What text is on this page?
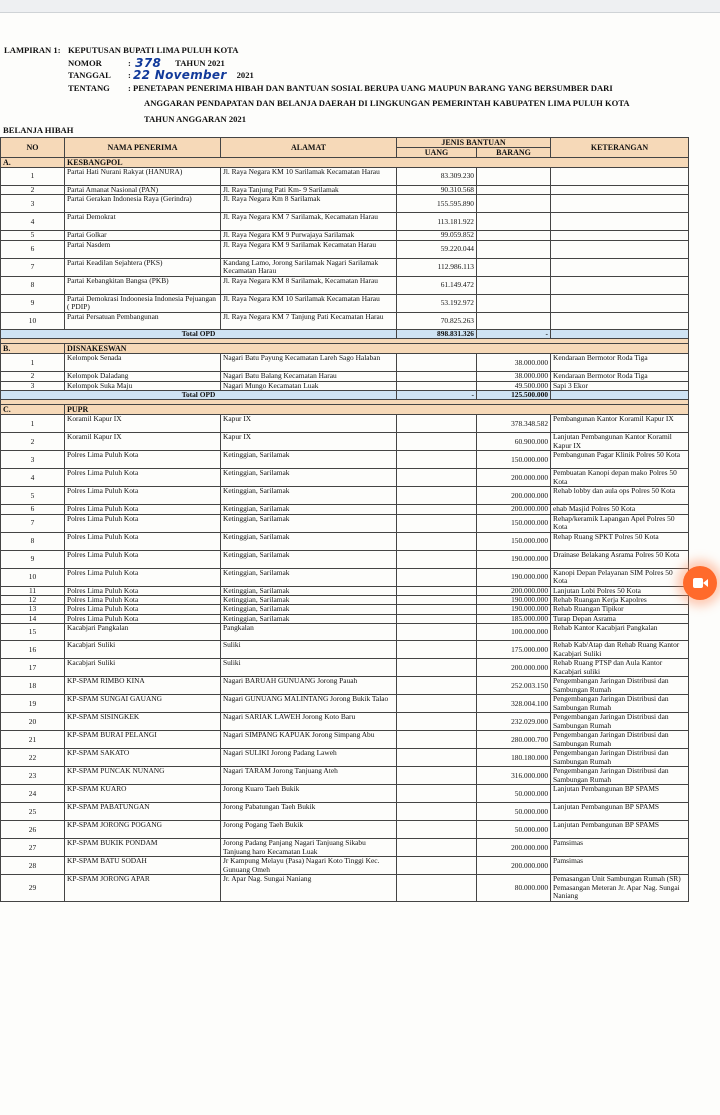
LAMPIRAN 1: KEPUTUSAN BUPATI LIMA PULUH KOTA
NOMOR	: 378 TAHUN 2021
TANGGAL	: 22 November 2021
TENTANG	: PENETAPAN PENERIMA HIBAH DAN BANTUAN SOSIAL BERUPA UANG MAUPUN BARANG YANG BERSUMBER DARI
ANGGARAN PENDAPATAN DAN BELANJA DAERAH DI LINGKUNGAN PEMERINTAH KABUPATEN LIMA PULUH KOTA
TAHUN ANGGARAN 2021
BELANJA HIBAH
NO	NAMA PENERIMA	ALAMAT	JENIS BANTUAN		KETERANGAN
			UANG	BARANG	
A.	KESBANGPOL				
1	Partai Hati Nurani Rakyat (HANURA)	Jl. Raya Negara KM 10 Sarilamak Kecamatan Harau	83.309.230		
2	Partai Amanat Nasional (PAN)	Jl. Raya Tanjung Pati Km- 9 Sarilamak	90.310.568		
3	Partai Gerakan Indonesia Raya (Gerindra)	Jl. Raya Negara Km 8 Sarilamak	155.595.890		
4	Partai Demokrat	Jl. Raya Negara KM 7 Sarilamak, Kecamatan Harau	113.181.922		
5	Partai Golkar	Jl. Raya Negara KM 9 Purwajaya Sarilamak	99.059.852		
6	Partai Nasdem	Jl. Raya Negara KM 9 Sarilamak Kecamatan Harau	59.220.044		
7	Partai Keadilan Sejahtera (PKS)	Kandang Lamo, Jorong Sarilamak Nagari Sarilamak Kecamatan Harau	112.986.113		
8	Partai Kebangkitan Bangsa (PKB)	Jl. Raya Negara KM 8 Sarilamak, Kecamatan Harau	61.149.472		
9	Partai Demokrasi Indoonesia Indonesia Pejuangan ( PDIP)	Jl. Raya Negara KM 10 Sarilamak Kecamatan Harau	53.192.972		
10	Partai Persatuan Pembangunan	Jl. Raya Negara KM 7 Tanjung Pati Kecamatan Harau	70.825.263		
Total OPD			898.831.326	-	

B.	DISNAKESWAN				
1	Kelompok Senada	Nagari Batu Payung Kecamatan Lareh Sago Halaban		38.000.000	Kendaraan Bermotor Roda Tiga
2	Kelompok Daladang	Nagari Batu Balang Kecamatan Harau		38.000.000	Kendaraan Bermotor Roda Tiga
3	Kelompok Suka Maju	Nagari Mungo Kecamatan Luak		49.500.000	Sapi 3 Ekor
Total OPD			-	125.500.000	

C.	PUPR				
1	Koramil Kapur IX	Kapur IX		378.348.582	Pembangunan Kantor Koramil Kapur IX
2	Koramil Kapur IX	Kapur IX		60.900.000	Lanjutan Pembangunan Kantor Koramil Kapur IX
3	Polres Lima Puluh Kota	Ketinggian, Sarilamak		150.000.000	Pembangunan Pagar Klinik Polres 50 Kota
4	Polres Lima Puluh Kota	Ketinggian, Sarilamak		200.000.000	Pembuatan Kanopi depan mako Polres 50 Kota
5	Polres Lima Puluh Kota	Ketinggian, Sarilamak		200.000.000	Rehab lobby dan aula ops Polres 50 Kota
6	Polres Lima Puluh Kota	Ketinggian, Sarilamak		200.000.000	ehab Masjid Polres 50 Kota
7	Polres Lima Puluh Kota	Ketinggian, Sarilamak		150.000.000	Rehap/keramik Lapangan Apel Polres 50 Kota
8	Polres Lima Puluh Kota	Ketinggian, Sarilamak		150.000.000	Rehap Ruang SPKT Polres 50 Kota
9	Polres Lima Puluh Kota	Ketinggian, Sarilamak		190.000.000	Drainase Belakang Asrama Polres 50 Kota
10	Polres Lima Puluh Kota	Ketinggian, Sarilamak		190.000.000	Kanopi Depan Pelayanan SIM Polres 50 Kota
11	Polres Lima Puluh Kota	Ketinggian, Sarilamak		200.000.000	Lanjutan Lobi Polres 50 Kota
12	Polres Lima Puluh Kota	Ketinggian, Sarilamak		190.000.000	Rehab Ruangan Kerja Kapolres
13	Polres Lima Puluh Kota	Ketinggian, Sarilamak		190.000.000	Rehab Ruangan Tipikor
14	Polres Lima Puluh Kota	Ketinggian, Sarilamak		185.000.000	Turap Depan Asrama
15	Kacabjari Pangkalan	Pangkalan		100.000.000	Rehab Kantor Kacabjari Pangkalan
16	Kacabjari Suliki	Suliki		175.000.000	Rehab Kab/Atap dan Rehab Ruang Kantor Kacabjari Suliki
17	Kacabjari Suliki	Suliki		200.000.000	Rehab Ruang PTSP dan Aula Kantor Kacabjari suliki
18	KP-SPAM RIMBO KINA	Nagari BARUAH GUNUANG Jorong Pauah		252.003.150	Pengembangan Jaringan Distribusi dan Sambungan Rumah
19	KP-SPAM SUNGAI GAUANG	Nagari GUNUANG MALINTANG Jorong Bukik Talao		328.004.100	Pengembangan Jaringan Distribusi dan Sambungan Rumah
20	KP-SPAM SISINGKEK	Nagari SARIAK LAWEH Jorong Koto Baru		232.029.000	Pengembangan Jaringan Distribusi dan Sambungan Rumah
21	KP-SPAM BURAI PELANGI	Nagari SIMPANG KAPUAK Jorong Simpang Abu		280.000.700	Pengembangan Jaringan Distribusi dan Sambungan Rumah
22	KP-SPAM SAKATO	Nagari SULIKI Jorong Padang Laweh		180.180.000	Pengembangan Jaringan Distribusi dan Sambungan Rumah
23	KP-SPAM PUNCAK NUNANG	Nagari TARAM Jorong Tanjuang Ateh		316.000.000	Pengembangan Jaringan Distribusi dan Sambungan Rumah
24	KP-SPAM KUARO	Jorong Kuaro Taeh Bukik		50.000.000	Lanjutan Pembangunan BP SPAMS
25	KP-SPAM PABATUNGAN	Jorong Pabatungan Taeh Bukik		50.000.000	Lanjutan Pembangunan BP SPAMS
26	KP-SPAM JORONG POGANG	Jorong Pogang Taeh Bukik		50.000.000	Lanjutan Pembangunan BP SPAMS
27	KP-SPAM BUKIK PONDAM	Jorong Padang Panjang Nagari Tanjuang Sikabu Tanjuang haro Kecamatan Luak		200.000.000	Pamsimas
28	KP-SPAM BATU SODAH	Jr Kampung Melayu (Pasa) Nagari Koto Tinggi Kec. Gunuang Omeh		200.000.000	Pamsimas
29	KP-SPAM JORONG APAR	Jr. Apar Nag. Sungai Naniang		80.000.000	Pemasangan Unit Sambungan Rumah (SR) Pemasangan Meteran Jr. Apar Nag. Sungai Naniang
